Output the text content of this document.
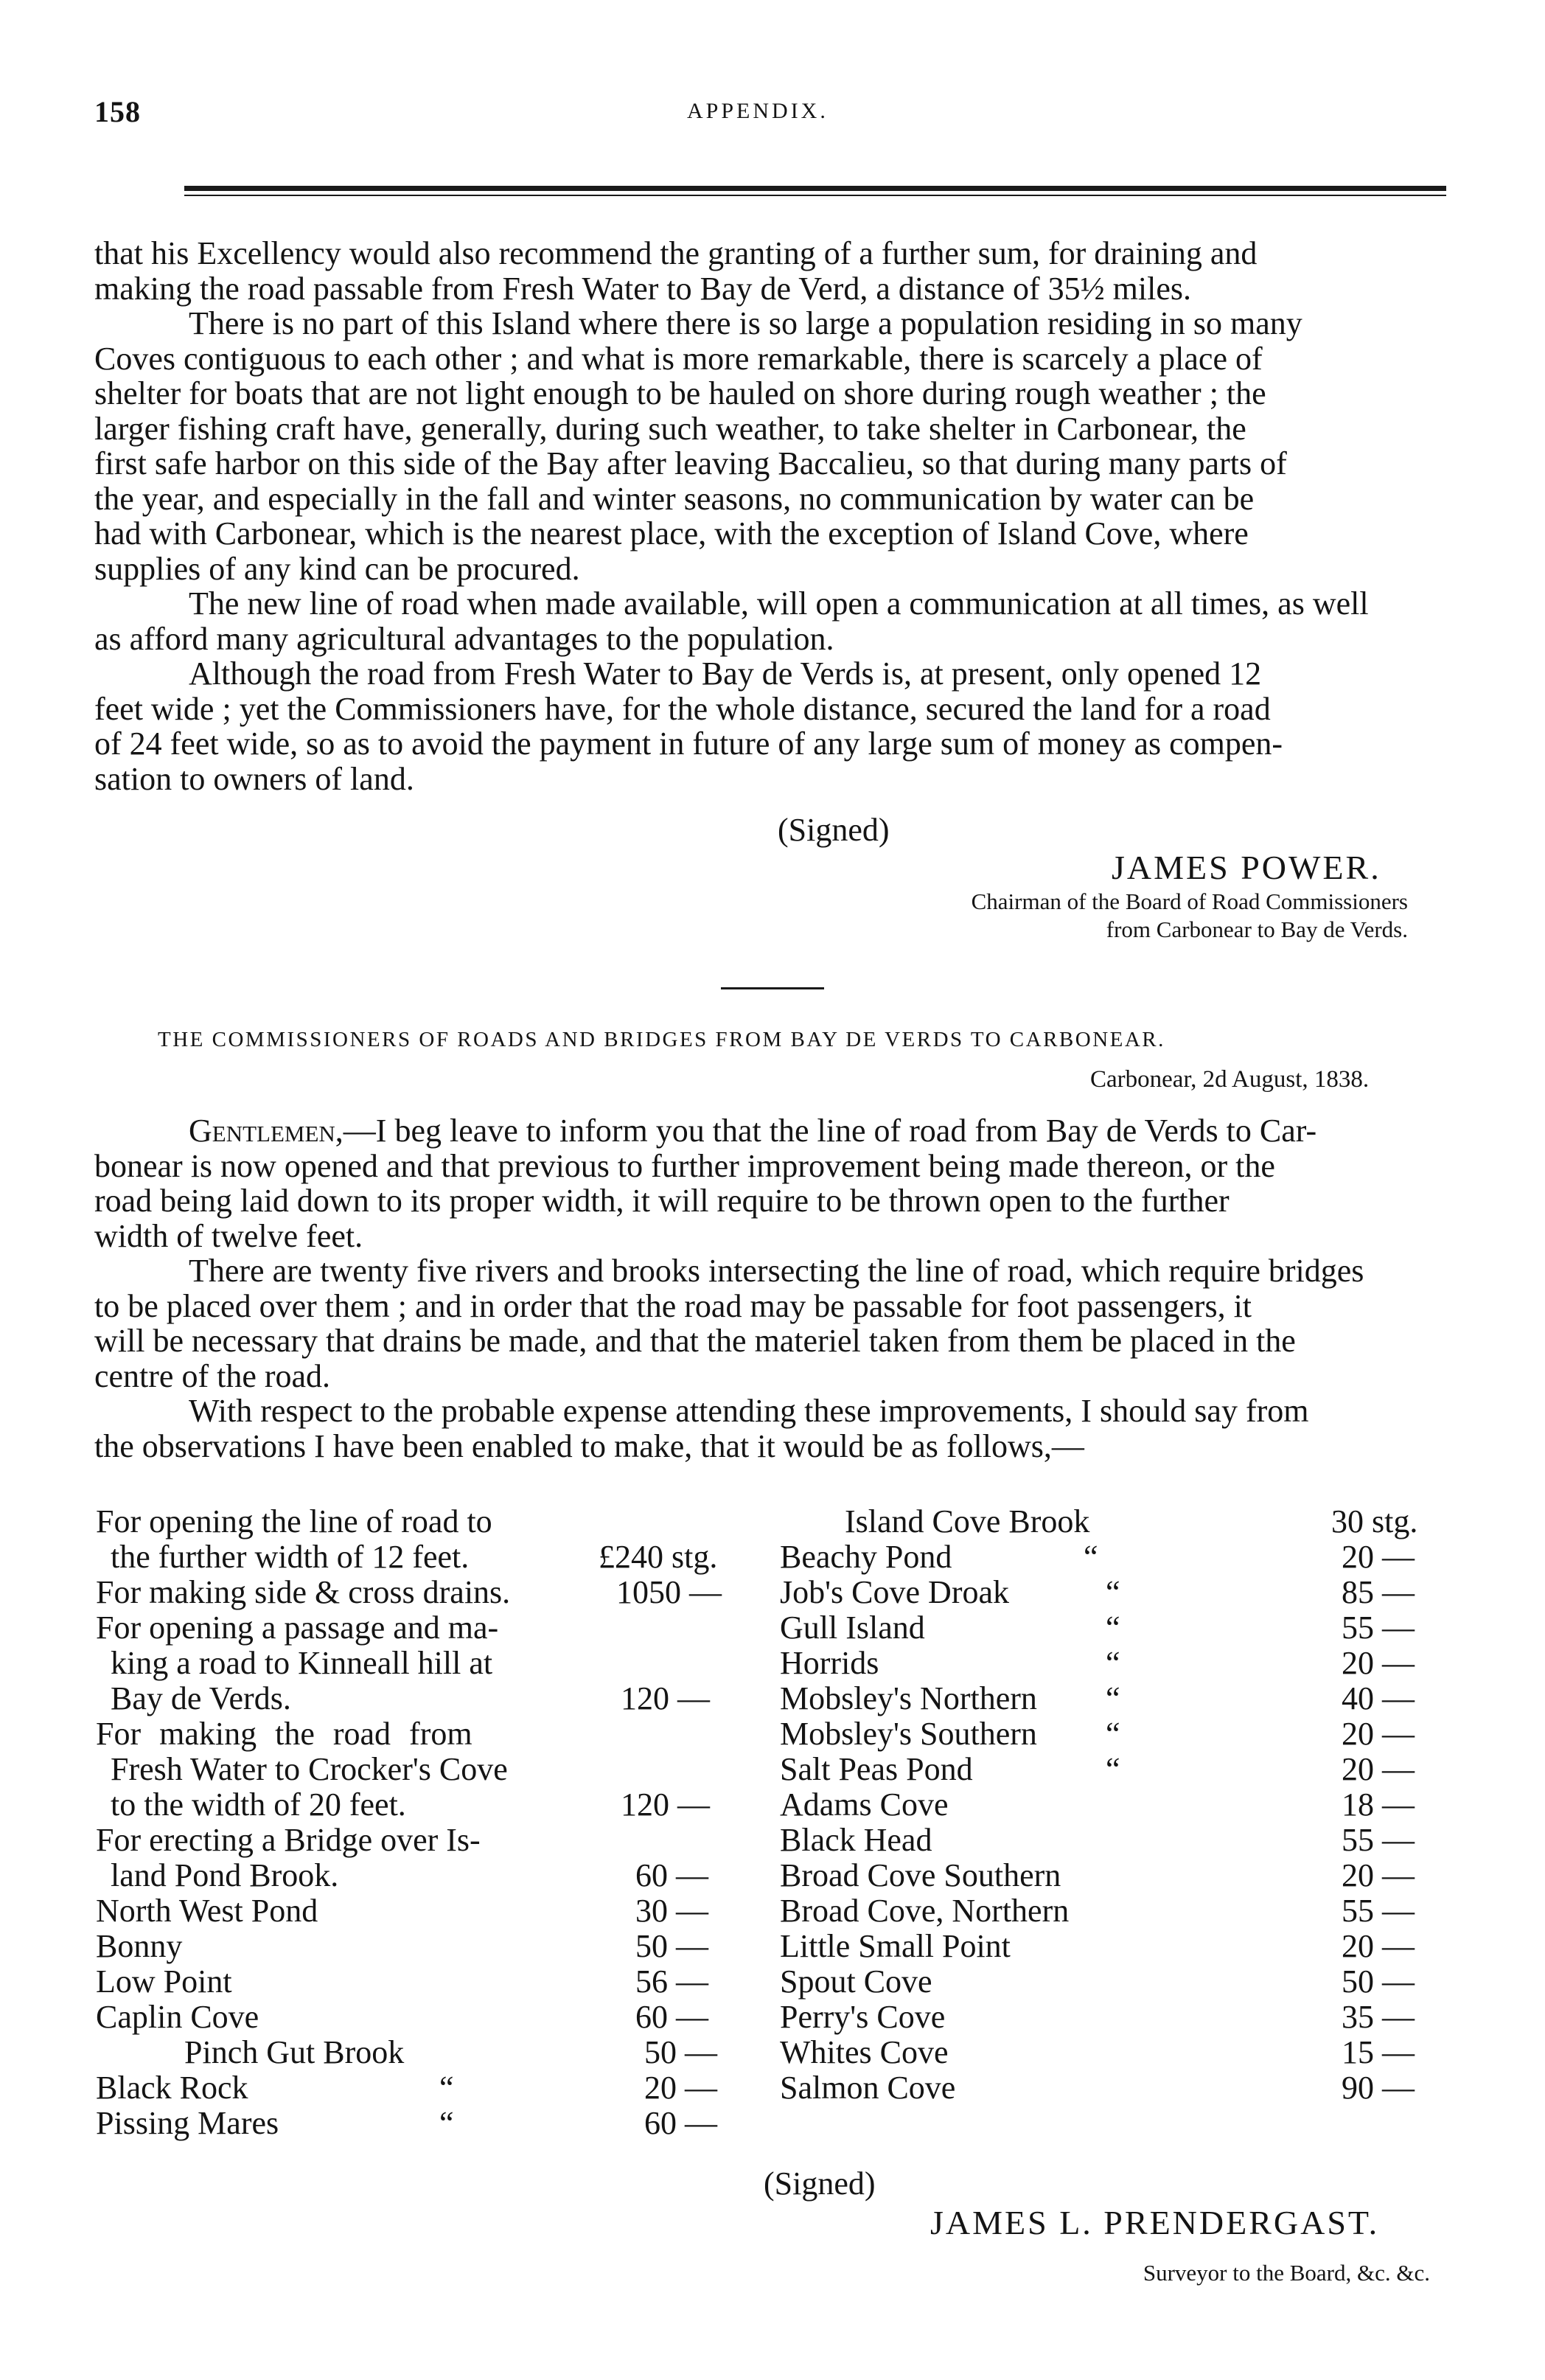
158	APPENDIX.

that his Excellency would also recommend the granting of a further sum, for draining and

making the road passable from Fresh Water to Bay de Verd, a distance of 35½ miles.

There is no part of this Island where there is so large a population residing in so many

Coves contiguous to each other ; and what is more remarkable, there is scarcely a place of

shelter for boats that are not light enough to be hauled on shore during rough weather ; the

larger fishing craft have, generally, during such weather, to take shelter in Carbonear, the

first safe harbor on this side of the Bay after leaving Baccalieu, so that during many parts of

the year, and especially in the fall and winter seasons, no communication by water can be

had with Carbonear, which is the nearest place, with the exception of Island Cove, where

supplies of any kind can be procured.

The new line of road when made available, will open a communication at all times, as well

as afford many agricultural advantages to the population.

Although the road from Fresh Water to Bay de Verds is, at present, only opened 12

feet wide ; yet the Commissioners have, for the whole distance, secured the land for a road

of 24 feet wide, so as to avoid the payment in future of any large sum of money as compen-

sation to owners of land.

(Signed)
JAMES POWER.
Chairman of the Board of Road Commissioners
from Carbonear to Bay de Verds.
THE COMMISSIONERS OF ROADS AND BRIDGES FROM BAY DE VERDS TO CARBONEAR.
Carbonear, 2d August, 1838.

Gentlemen,—I beg leave to inform you that the line of road from Bay de Verds to Car-

bonear is now opened and that previous to further improvement being made thereon, or the

road being laid down to its proper width, it will require to be thrown open to the further

width of twelve feet.

There are twenty five rivers and brooks intersecting the line of road, which require bridges

to be placed over them ; and in order that the road may be passable for foot passengers, it

will be necessary that drains be made, and that the materiel taken from them be placed in the

centre of the road.

With respect to the probable expense attending these improvements, I should say from

the observations I have been enabled to make, that it would be as follows,—

For opening the line of road to
the further width of 12 feet.	£240 stg.
For making side & cross drains.	1050 —
For opening a passage and ma-
king a road to Kinneall hill at
Bay de Verds.	120 —
For making the road from
Fresh Water to Crocker's Cove
to the width of 20 feet.	120 —
For erecting a Bridge over Is-
land Pond Brook.	60 —
North West Pond	30 —
Bonny	50 —
Low Point	56 —
Caplin Cove	60 —
Pinch Gut Brook	50 —
Black Rock	“	20 —
Pissing Mares	“	60 —
Island Cove Brook	30 stg.
Beachy Pond	“	20 —
Job's Cove Droak	“	85 —
Gull Island	“	55 —
Horrids	“	20 —
Mobsley's Northern “	40 —
Mobsley's Southern “	20 —
Salt Peas Pond	“	20 —
Adams Cove	18 —
Black Head	55 —
Broad Cove Southern	20 —
Broad Cove, Northern	55 —
Little Small Point	20 —
Spout Cove	50 —
Perry's Cove	35 —
Whites Cove	15 —
Salmon Cove	90 —
(Signed)
JAMES L. PRENDERGAST.
Surveyor to the Board, &c. &c.
